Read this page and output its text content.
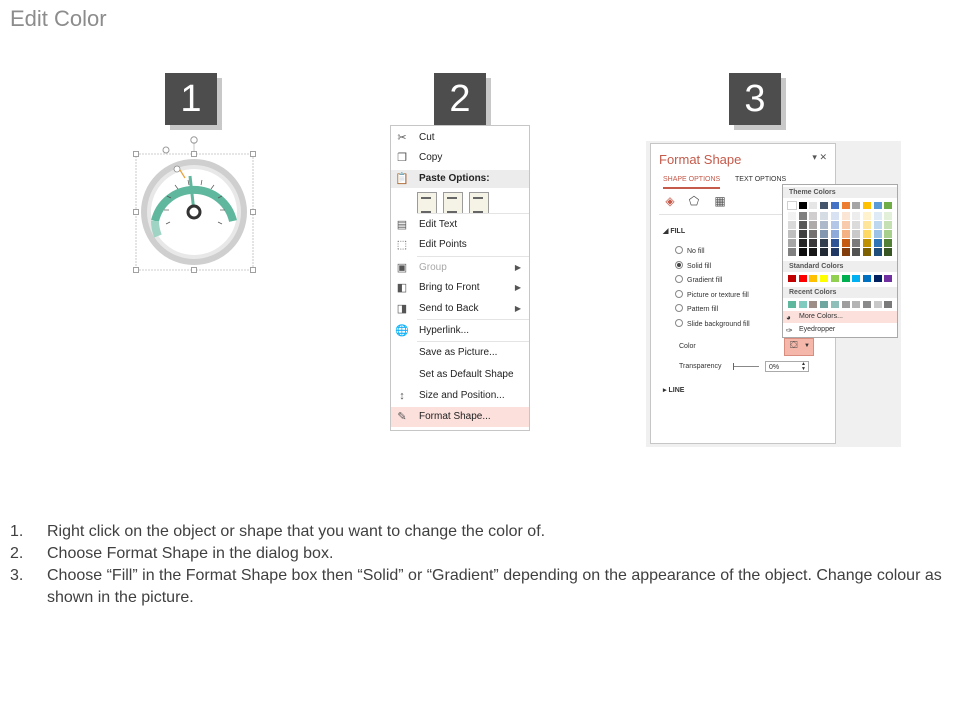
Edit Color
1	2	3
✂ Cut
❐ Copy
📋 Paste Options:
▤ Edit Text
⬚ Edit Points
▣ Group	▶
◧ Bring to Front	▶
◨ Send to Back	▶
🌐 Hyperlink...
Save as Picture...
Set as Default Shape
↕	Size and Position...
✎ Format Shape...
Format Shape	▾ ✕
SHAPE OPTIONS TEXT OPTIONS
◈ ⬠ ▦
◢ FILL
No fill
Solid fill
Gradient fill
Picture or texture fill
Pattern fill
Slide background fill
Color	⛋ ▼
Transparency	0%	▲
▼
▸ LINE
Theme Colors
Standard Colors
Recent Colors
◕ More Colors...
✑ Eyedropper
1. Right click on the object or shape that you want to change the color of.
2. Choose Format Shape in the dialog box.
3. Choose “Fill” in the Format Shape box then “Solid” or “Gradient” depending on the appearance of the object. Change colour as shown in the picture.
